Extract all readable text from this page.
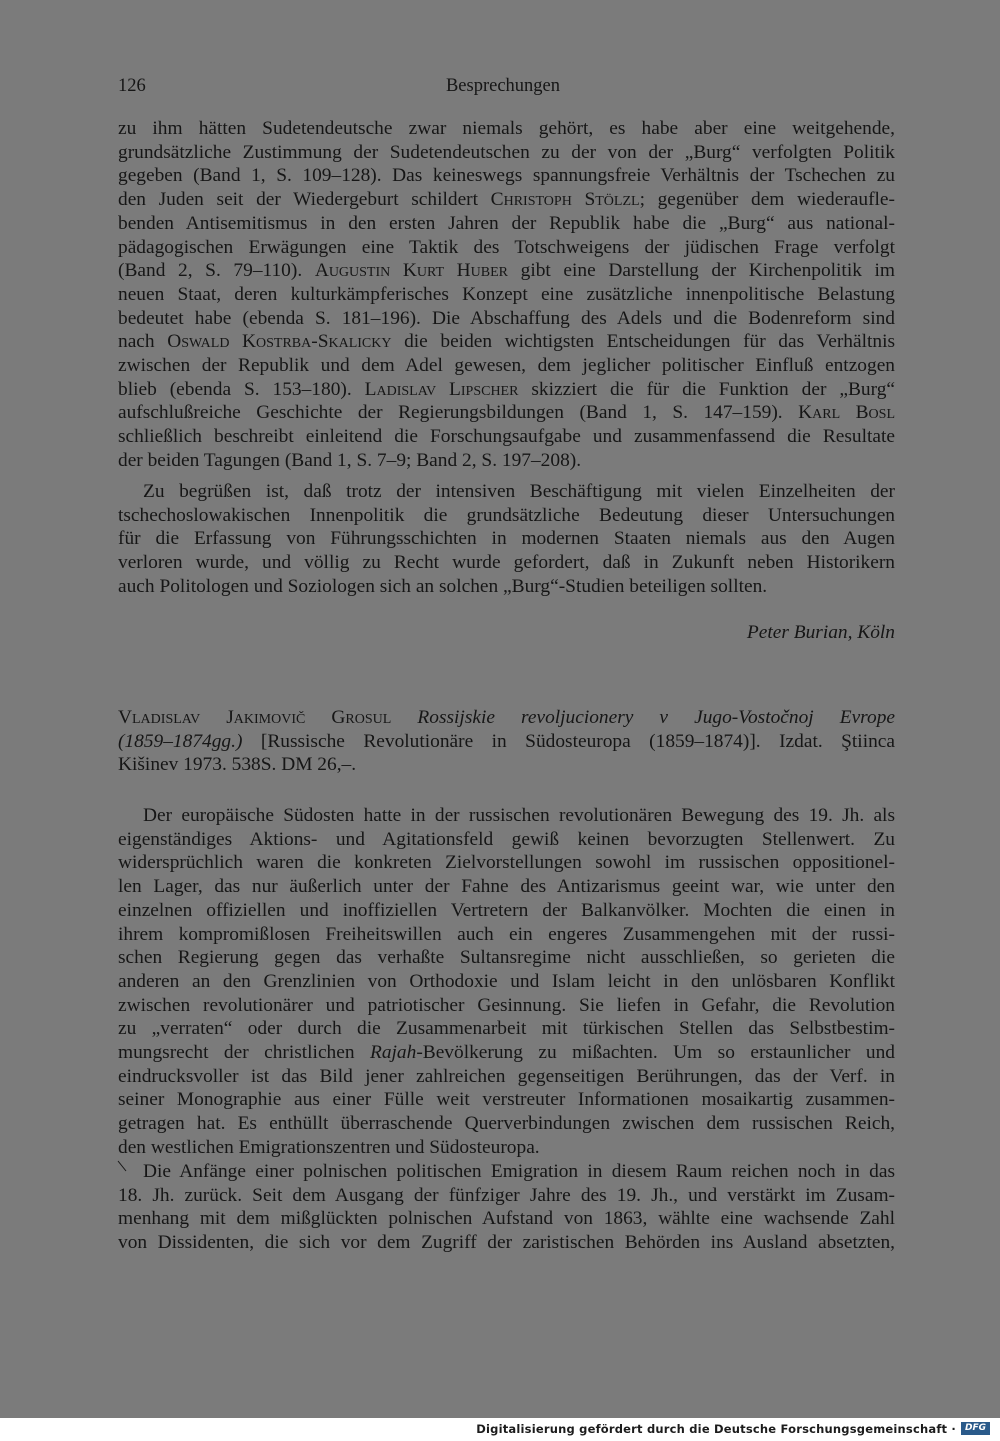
126	Besprechungen
zu ihm hätten Sudetendeutsche zwar niemals gehört, es habe aber eine weitgehende,
grundsätzliche Zustimmung der Sudetendeutschen zu der von der „Burg“ verfolgten Politik
gegeben (Band 1, S. 109–128). Das keineswegs spannungsfreie Verhältnis der Tschechen zu
den Juden seit der Wiedergeburt schildert Christoph Stölzl; gegenüber dem wiederaufle-
benden Antisemitismus in den ersten Jahren der Republik habe die „Burg“ aus national-
pädagogischen Erwägungen eine Taktik des Totschweigens der jüdischen Frage verfolgt
(Band 2, S. 79–110). Augustin Kurt Huber gibt eine Darstellung der Kirchenpolitik im
neuen Staat, deren kulturkämpferisches Konzept eine zusätzliche innenpolitische Belastung
bedeutet habe (ebenda S. 181–196). Die Abschaffung des Adels und die Bodenreform sind
nach Oswald Kostrba-Skalicky die beiden wichtigsten Entscheidungen für das Verhältnis
zwischen der Republik und dem Adel gewesen, dem jeglicher politischer Einfluß entzogen
blieb (ebenda S. 153–180). Ladislav Lipscher skizziert die für die Funktion der „Burg“
aufschlußreiche Geschichte der Regierungsbildungen (Band 1, S. 147–159). Karl Bosl
schließlich beschreibt einleitend die Forschungsaufgabe und zusammenfassend die Resultate
der beiden Tagungen (Band 1, S. 7–9; Band 2, S. 197–208).
Zu begrüßen ist, daß trotz der intensiven Beschäftigung mit vielen Einzelheiten der
tschechoslowakischen Innenpolitik die grundsätzliche Bedeutung dieser Untersuchungen
für die Erfassung von Führungsschichten in modernen Staaten niemals aus den Augen
verloren wurde, und völlig zu Recht wurde gefordert, daß in Zukunft neben Historikern
auch Politologen und Soziologen sich an solchen „Burg“-Studien beteiligen sollten.
Peter Burian, Köln
Vladislav Jakimovič Grosul Rossijskie revoljucionery v Jugo-Vostočnoj Evrope
(1859–1874gg.) [Russische Revolutionäre in Südosteuropa (1859–1874)]. Izdat. Ştiinca
Kišinev 1973. 538S. DM 26,–.
Der europäische Südosten hatte in der russischen revolutionären Bewegung des 19. Jh. als
eigenständiges Aktions- und Agitationsfeld gewiß keinen bevorzugten Stellenwert. Zu
widersprüchlich waren die konkreten Zielvorstellungen sowohl im russischen oppositionel-
len Lager, das nur äußerlich unter der Fahne des Antizarismus geeint war, wie unter den
einzelnen offiziellen und inoffiziellen Vertretern der Balkanvölker. Mochten die einen in
ihrem kompromißlosen Freiheitswillen auch ein engeres Zusammengehen mit der russi-
schen Regierung gegen das verhaßte Sultansregime nicht ausschließen, so gerieten die
anderen an den Grenzlinien von Orthodoxie und Islam leicht in den unlösbaren Konflikt
zwischen revolutionärer und patriotischer Gesinnung. Sie liefen in Gefahr, die Revolution
zu „verraten“ oder durch die Zusammenarbeit mit türkischen Stellen das Selbstbestim-
mungsrecht der christlichen Rajah-Bevölkerung zu mißachten. Um so erstaunlicher und
eindrucksvoller ist das Bild jener zahlreichen gegenseitigen Berührungen, das der Verf. in
seiner Monographie aus einer Fülle weit verstreuter Informationen mosaikartig zusammen-
getragen hat. Es enthüllt überraschende Querverbindungen zwischen dem russischen Reich,
den westlichen Emigrationszentren und Südosteuropa.
Die Anfänge einer polnischen politischen Emigration in diesem Raum reichen noch in das
18. Jh. zurück. Seit dem Ausgang der fünfziger Jahre des 19. Jh., und verstärkt im Zusam-
menhang mit dem mißglückten polnischen Aufstand von 1863, wählte eine wachsende Zahl
von Dissidenten, die sich vor dem Zugriff der zaristischen Behörden ins Ausland absetzten,
Digitalisierung gefördert durch die Deutsche Forschungsgemeinschaft · DFG
